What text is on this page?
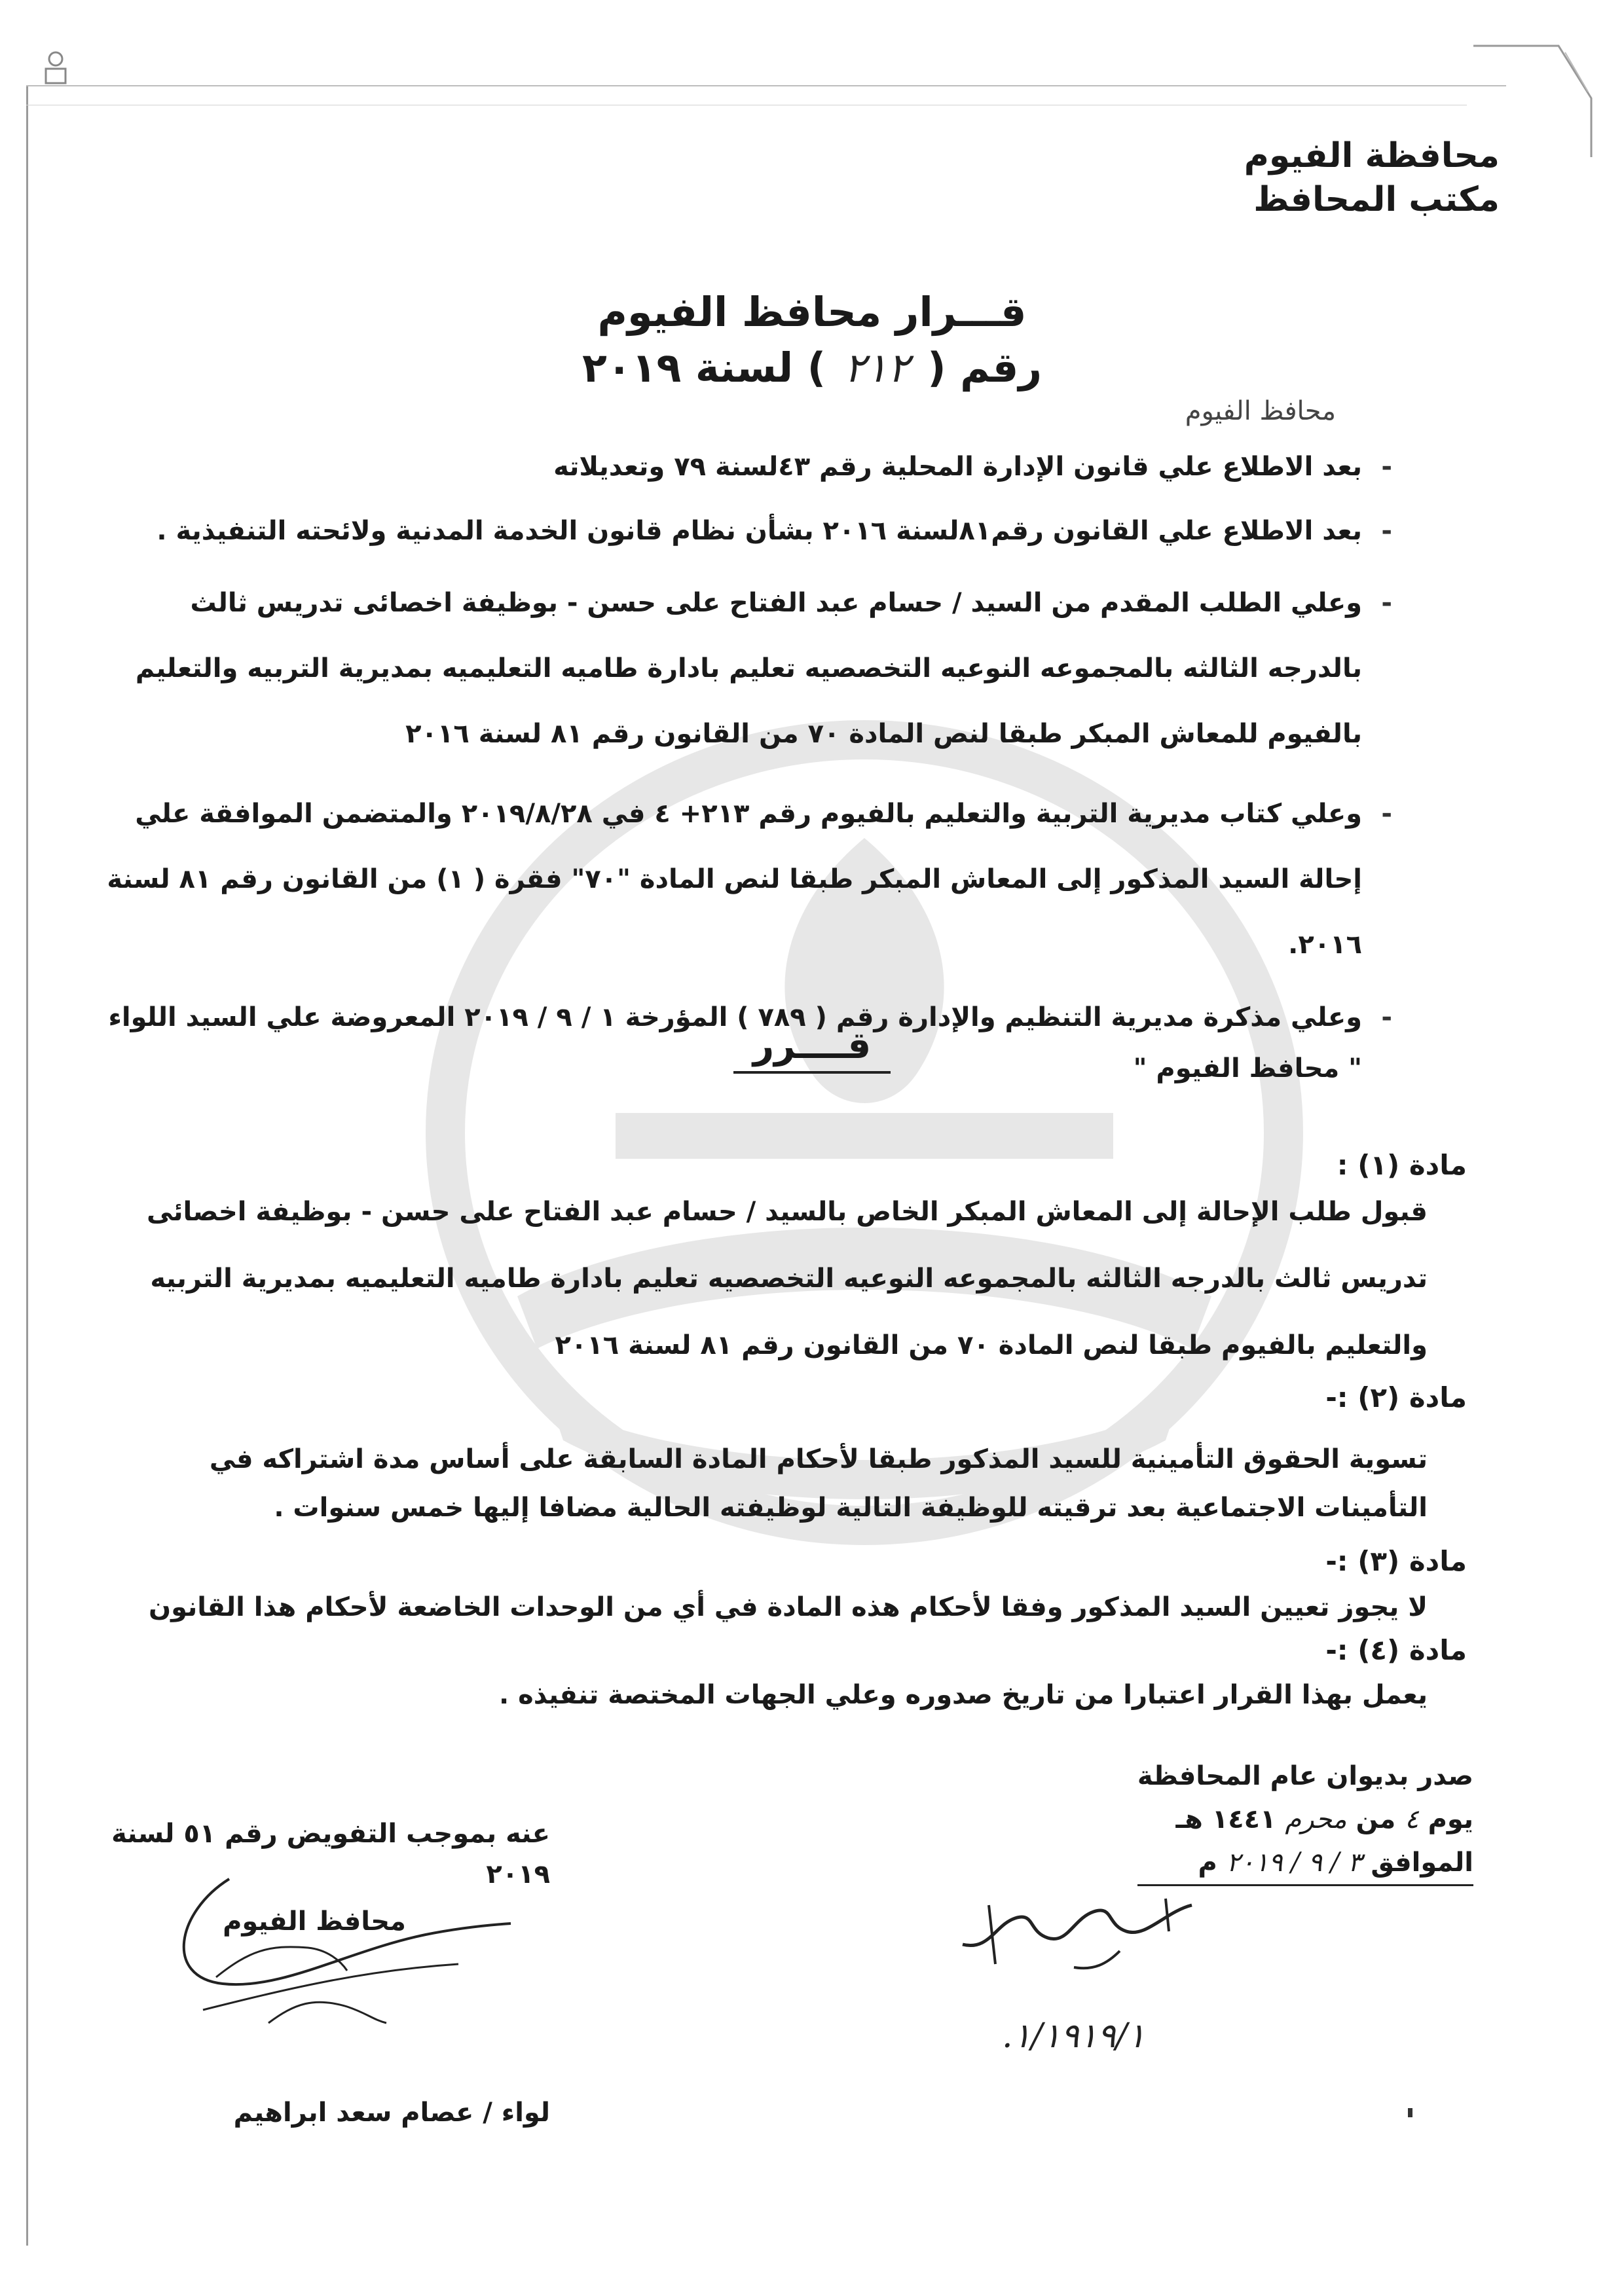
محافظة الفيوم
مكتب المحافظ
قـــرار محافظ الفيوم
رقم ( ٢١٢ ) لسنة ٢٠١٩
محافظ الفيوم
- بعد الاطلاع علي قانون الإدارة المحلية رقم ٤٣لسنة ٧٩ وتعديلاته
- بعد الاطلاع علي القانون رقم٨١لسنة ٢٠١٦ بشأن نظام قانون الخدمة المدنية ولائحته التنفيذية .
- وعلي الطلب المقدم من السيد / حسام عبد الفتاح على حسن - بوظيفة اخصائى تدريس ثالث بالدرجه الثالثه بالمجموعه النوعيه التخصصيه تعليم بادارة طاميه التعليميه بمديرية التربيه والتعليم بالفيوم للمعاش المبكر طبقا لنص المادة ٧٠ من القانون رقم ٨١ لسنة ٢٠١٦
- وعلي كتاب مديرية التربية والتعليم بالفيوم رقم ٢١٣+ ٤ في ٢٠١٩/٨/٢٨ والمتضمن الموافقة علي إحالة السيد المذكور إلى المعاش المبكر طبقا لنص المادة "٧٠" فقرة ( ١) من القانون رقم ٨١ لسنة ٢٠١٦.
- وعلي مذكرة مديرية التنظيم والإدارة رقم ( ٧٨٩ ) المؤرخة ١ / ٩ / ٢٠١٩ المعروضة علي السيد اللواء " محافظ الفيوم "
قــــرر
مادة (١) :
قبول طلب الإحالة إلى المعاش المبكر الخاص بالسيد / حسام عبد الفتاح على حسن - بوظيفة اخصائى تدريس ثالث بالدرجه الثالثه بالمجموعه النوعيه التخصصيه تعليم بادارة طاميه التعليميه بمديرية التربيه والتعليم بالفيوم طبقا لنص المادة ٧٠ من القانون رقم ٨١ لسنة ٢٠١٦
مادة (٢) :-
تسوية الحقوق التأمينية للسيد المذكور طبقا لأحكام المادة السابقة على أساس مدة اشتراكه في التأمينات الاجتماعية بعد ترقيته للوظيفة التالية لوظيفته الحالية مضافا إليها خمس سنوات .
مادة (٣) :-
لا يجوز تعيين السيد المذكور وفقا لأحكام هذه المادة في أي من الوحدات الخاضعة لأحكام هذا القانون
مادة (٤) :-
يعمل بهذا القرار اعتبارا من تاريخ صدوره وعلي الجهات المختصة تنفيذه .
صدر بديوان عام المحافظة
يوم ٤ من محرم ١٤٤١ هـ
الموافق ٣ / ٩ / ٢٠١٩ م
عنه بموجب التفويض رقم ٥١ لسنة ٢٠١٩
محافظ الفيوم
لواء / عصام سعد ابراهيم
١/١٩١٩/١.
